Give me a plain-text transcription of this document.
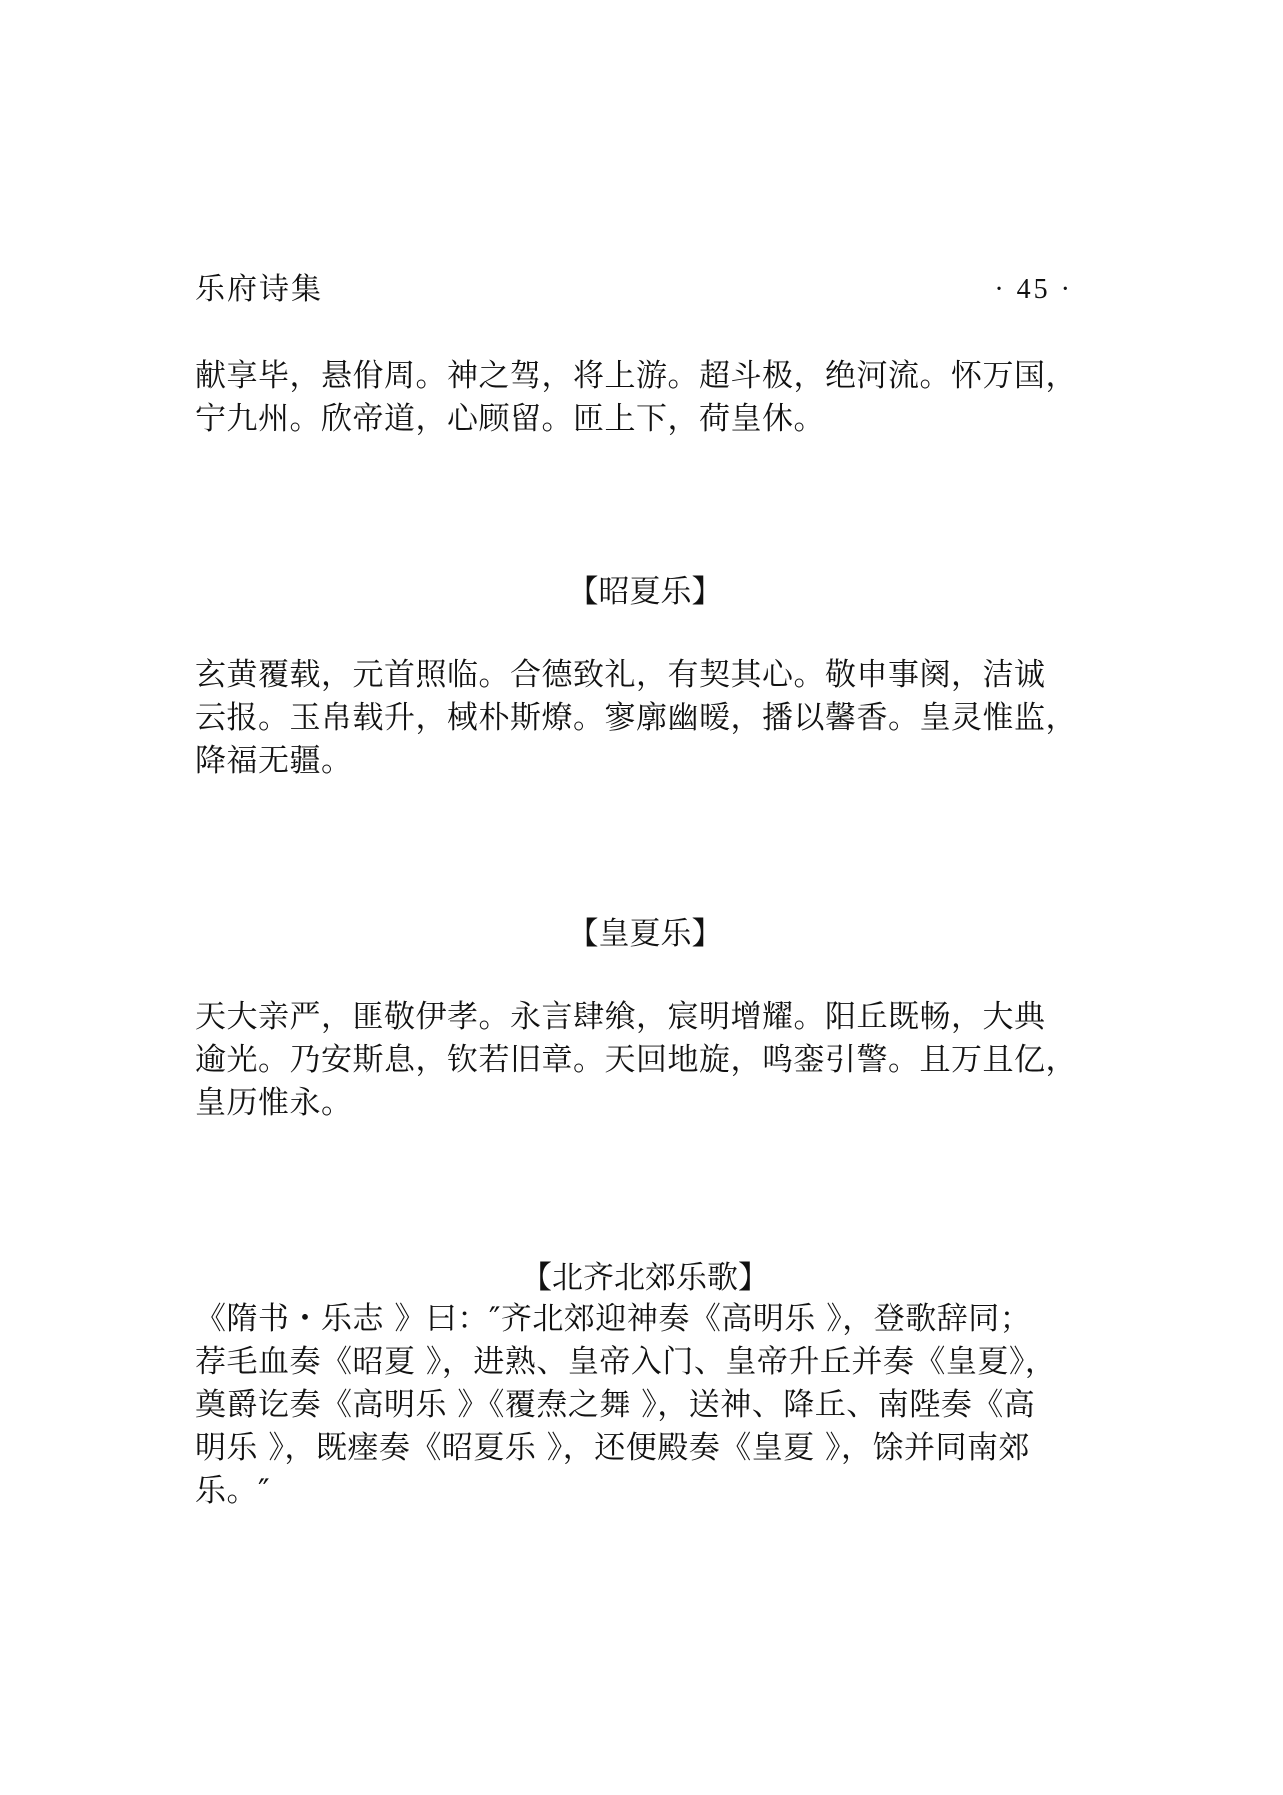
乐府诗集	· 45 ·

献享毕，悬佾周。神之驾，将上游。超斗极，绝河流。怀万国，
宁九州。欣帝道，心顾留。匝上下，荷皇休。

【昭夏乐】

玄黄覆载，元首照临。合德致礼，有契其心。敬申事阕，洁诚
云报。玉帛载升，棫朴斯燎。寥廓幽暧，播以馨香。皇灵惟监，
降福无疆。

【皇夏乐】

天大亲严，匪敬伊孝。永言肆飨，宸明增耀。阳丘既畅，大典
逾光。乃安斯息，钦若旧章。天回地旋，鸣銮引警。且万且亿，
皇历惟永。

【北齐北郊乐歌】

《隋书・乐志 》曰：″齐北郊迎神奏《高明乐 》，登歌辞同；
荐毛血奏《昭夏 》，进熟、皇帝入门、皇帝升丘并奏《皇夏》，
奠爵讫奏《高明乐 》《覆焘之舞 》，送神、降丘、南陛奏《高
明乐 》，既瘗奏《昭夏乐 》，还便殿奏《皇夏 》，馀并同南郊
乐。″
